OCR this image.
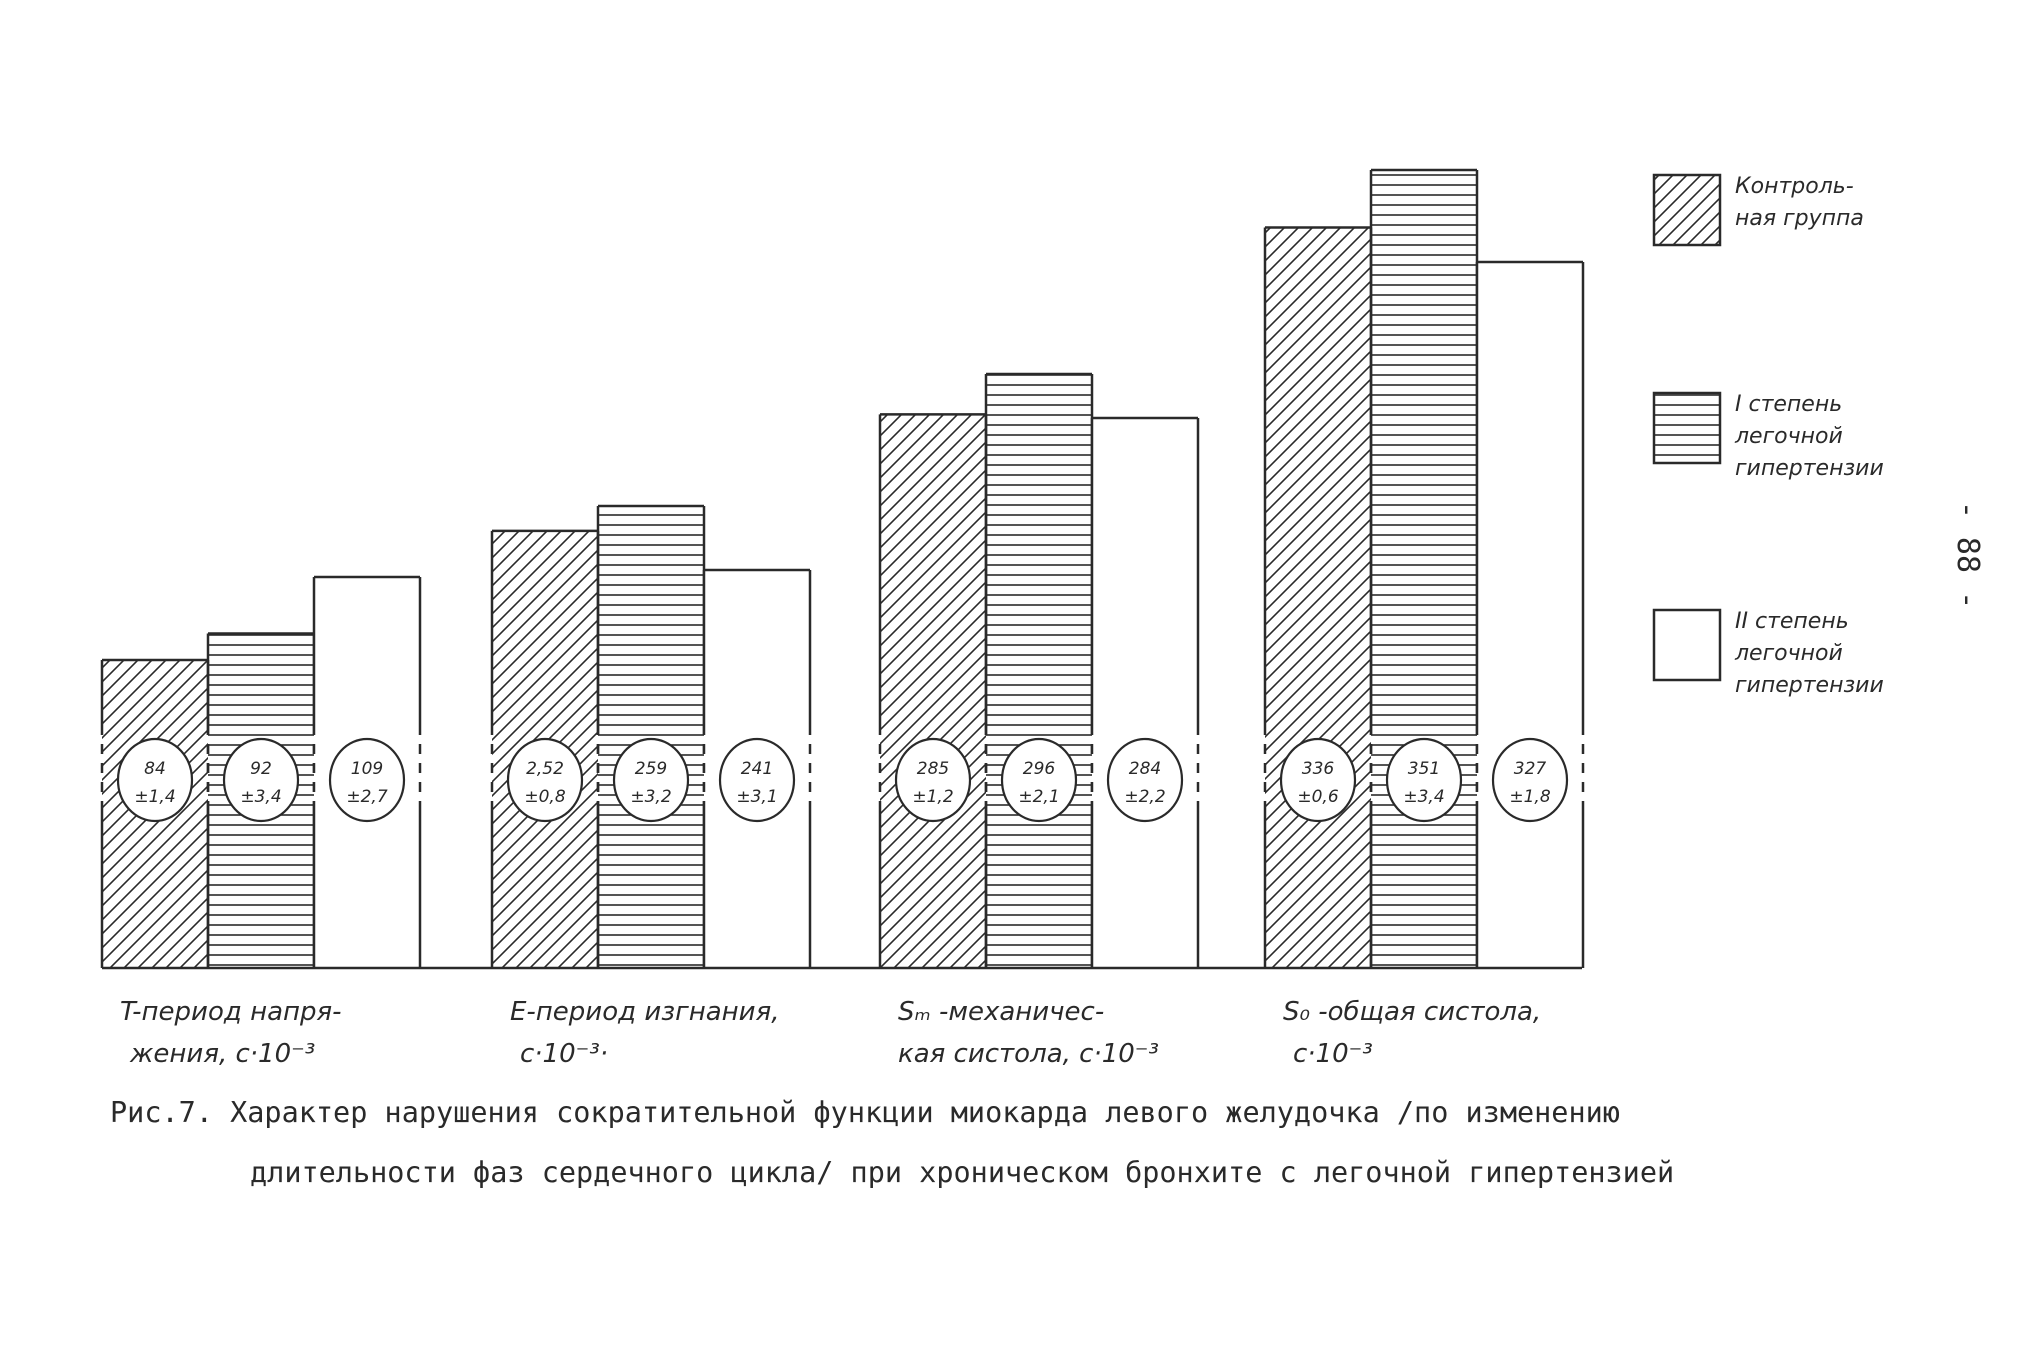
84
±1,4
92
±3,4
109
±2,7
2,52
±0,8
259
±3,2
241
±3,1
285
±1,2
296
±2,1
284
±2,2
336
±0,6
351
±3,4
327
±1,8
T-период напря-
жения, c·10⁻³
E-период изгнания,
c·10⁻³·
Sₘ -механичес-
кая систола, c·10⁻³
S₀ -общая систола,
c·10⁻³
Контроль-
ная группа
I степень
легочной
гипертензии
II степень
легочной
гипертензии
- 88 -
Рис.7. Характер нарушения сократительной функции миокарда левого желудочка /по изменению
длительности фаз сердечного цикла/ при хроническом бронхите с легочной гипертензией
